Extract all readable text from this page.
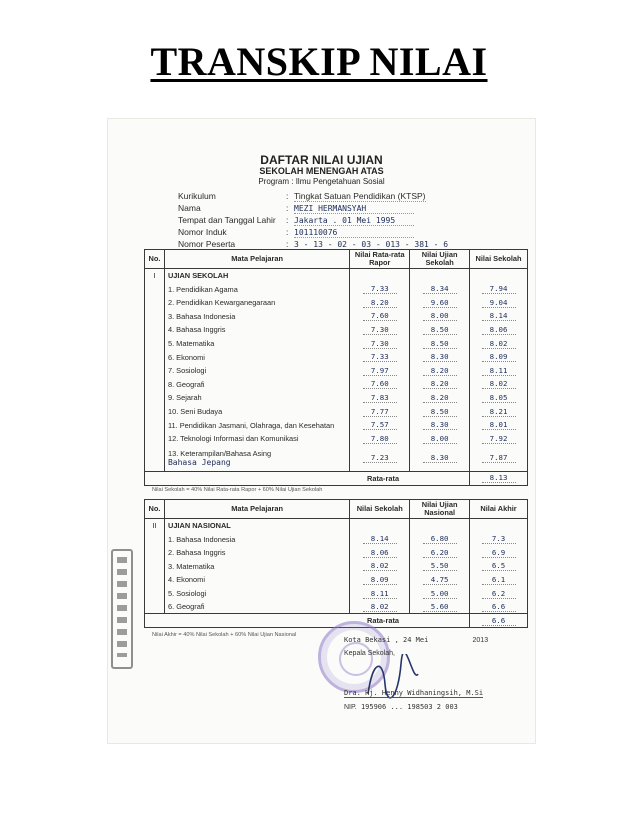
TRANSKIP NILAI
DAFTAR NILAI UJIAN
SEKOLAH MENENGAH ATAS
Program : Ilmu Pengetahuan Sosial
Kurikulum	: Tingkat Satuan Pendidikan (KTSP)
Nama	: MEZI HERMANSYAH
Tempat dan Tanggal Lahir : Jakarta . 01 Mei 1995
Nomor Induk	: 101110076
Nomor Peserta	: 3 - 13 - 02 - 03 - 013 - 381 - 6
No.	Mata Pelajaran	Nilai Rata-rata Rapor	Nilai Ujian Sekolah	Nilai Sekolah
I	UJIAN SEKOLAH			
	1. Pendidikan Agama	7.33	8.34	7.94
	2. Pendidikan Kewarganegaraan	8.20	9.60	9.04
	3. Bahasa Indonesia	7.60	8.00	8.14
	4. Bahasa Inggris	7.30	8.50	8.06
	5. Matematika	7.30	8.50	8.02
	6. Ekonomi	7.33	8.30	8.09
	7. Sosiologi	7.97	8.20	8.11
	8. Geografi	7.60	8.20	8.02
	9. Sejarah	7.83	8.20	8.05
	10. Seni Budaya	7.77	8.50	8.21
	11. Pendidikan Jasmani, Olahraga, dan Kesehatan	7.57	8.30	8.01
	12. Teknologi Informasi dan Komunikasi	7.80	8.00	7.92

	13. Keterampilan/Bahasa Asing
Bahasa Jepang	7.23	8.30	7.87
Rata-rata				8.13
Nilai Sekolah = 40% Nilai Rata-rata Rapor + 60% Nilai Ujian Sekolah
No.	Mata Pelajaran	Nilai Sekolah	Nilai Ujian Nasional	Nilai Akhir
II	UJIAN NASIONAL			
	1. Bahasa Indonesia	8.14	6.80	7.3
	2. Bahasa Inggris	8.06	6.20	6.9
	3. Matematika	8.02	5.50	6.5
	4. Ekonomi	8.09	4.75	6.1
	5. Sosiologi	8.11	5.00	6.2
	6. Geografi	8.02	5.60	6.6
Rata-rata				6.6
Nilai Akhir = 40% Nilai Sekolah + 60% Nilai Ujian Nasional
Kota Bekasi , 24 Mei	2013
Kepala Sekolah,
Dra. Hj. Henny Widhaningsih, M.Si
NIP. 195906 ... 198503 2 003
